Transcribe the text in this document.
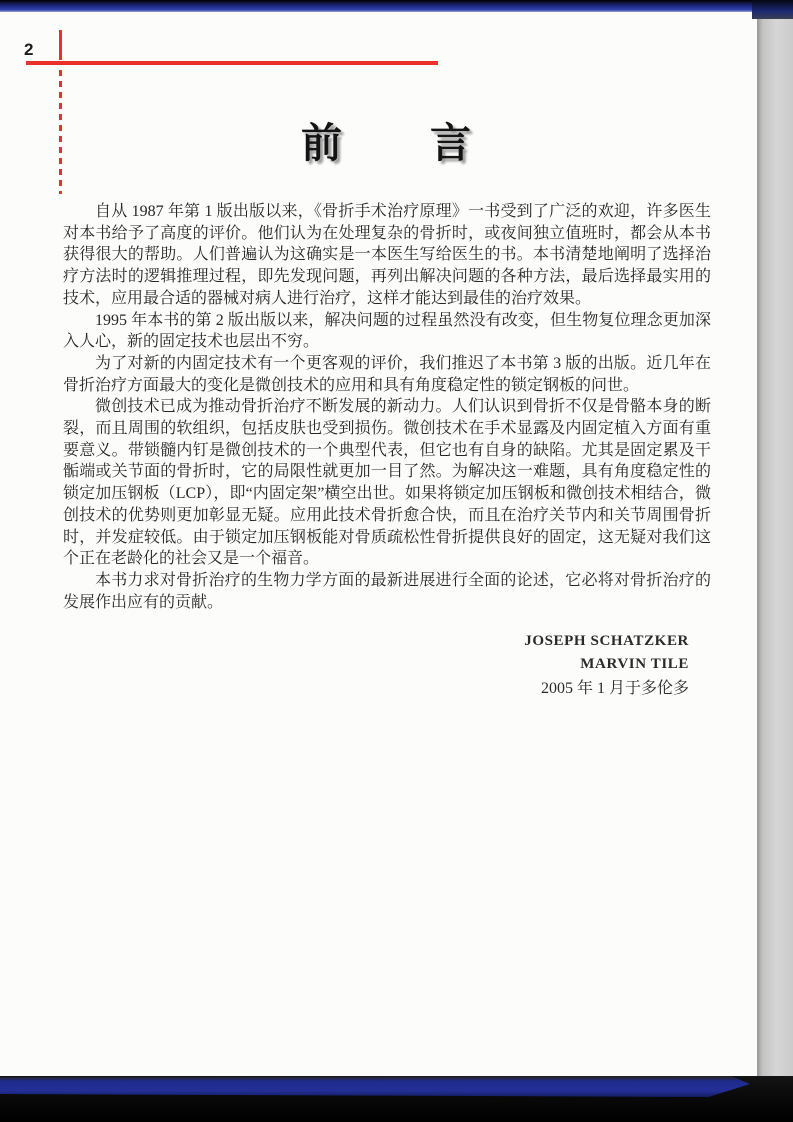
2
前　　言

自从 1987 年第 1 版出版以来，《骨折手术治疗原理》一书受到了广泛的欢迎，许多医生对本书给予了高度的评价。他们认为在处理复杂的骨折时，或夜间独立值班时，都会从本书获得很大的帮助。人们普遍认为这确实是一本医生写给医生的书。本书清楚地阐明了选择治疗方法时的逻辑推理过程，即先发现问题，再列出解决问题的各种方法，最后选择最实用的技术，应用最合适的器械对病人进行治疗，这样才能达到最佳的治疗效果。

1995 年本书的第 2 版出版以来，解决问题的过程虽然没有改变，但生物复位理念更加深入人心，新的固定技术也层出不穷。

为了对新的内固定技术有一个更客观的评价，我们推迟了本书第 3 版的出版。近几年在骨折治疗方面最大的变化是微创技术的应用和具有角度稳定性的锁定钢板的问世。

微创技术已成为推动骨折治疗不断发展的新动力。人们认识到骨折不仅是骨骼本身的断裂，而且周围的软组织，包括皮肤也受到损伤。微创技术在手术显露及内固定植入方面有重要意义。带锁髓内钉是微创技术的一个典型代表，但它也有自身的缺陷。尤其是固定累及干骺端或关节面的骨折时，它的局限性就更加一目了然。为解决这一难题，具有角度稳定性的锁定加压钢板（LCP），即“内固定架”横空出世。如果将锁定加压钢板和微创技术相结合，微创技术的优势则更加彰显无疑。应用此技术骨折愈合快，而且在治疗关节内和关节周围骨折时，并发症较低。由于锁定加压钢板能对骨质疏松性骨折提供良好的固定，这无疑对我们这个正在老龄化的社会又是一个福音。

本书力求对骨折治疗的生物力学方面的最新进展进行全面的论述，它必将对骨折治疗的发展作出应有的贡献。

JOSEPH SCHATZKER
MARVIN TILE
2005 年 1 月于多伦多
